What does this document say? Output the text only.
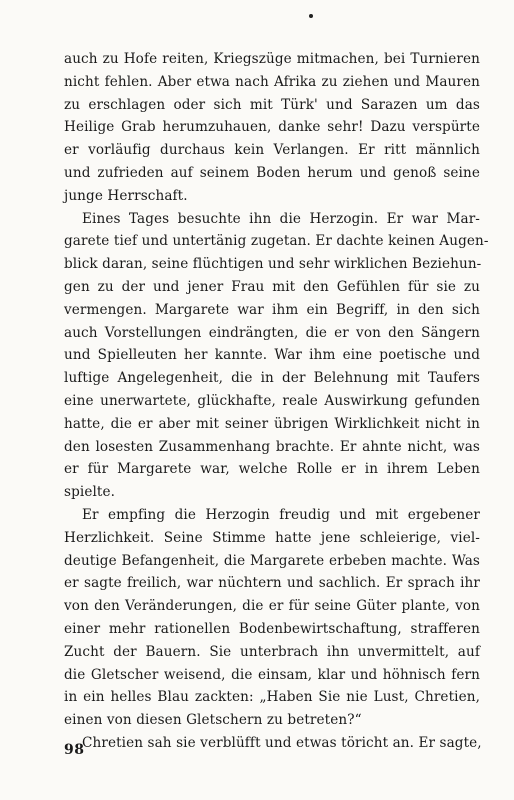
auch zu Hofe reiten, Kriegszüge mitmachen, bei Turnieren
nicht fehlen. Aber etwa nach Afrika zu ziehen und Mauren
zu erschlagen oder sich mit Türk' und Sarazen um das
Heilige Grab herumzuhauen, danke sehr! Dazu verspürte
er vorläufig durchaus kein Verlangen. Er ritt männlich
und zufrieden auf seinem Boden herum und genoß seine
junge Herrschaft.
Eines Tages besuchte ihn die Herzogin. Er war Mar-
garete tief und untertänig zugetan. Er dachte keinen Augen-
blick daran, seine flüchtigen und sehr wirklichen Beziehun-
gen zu der und jener Frau mit den Gefühlen für sie zu
vermengen. Margarete war ihm ein Begriff, in den sich
auch Vorstellungen eindrängten, die er von den Sängern
und Spielleuten her kannte. War ihm eine poetische und
luftige Angelegenheit, die in der Belehnung mit Taufers
eine unerwartete, glückhafte, reale Auswirkung gefunden
hatte, die er aber mit seiner übrigen Wirklichkeit nicht in
den losesten Zusammenhang brachte. Er ahnte nicht, was
er für Margarete war, welche Rolle er in ihrem Leben
spielte.
Er empfing die Herzogin freudig und mit ergebener
Herzlichkeit. Seine Stimme hatte jene schleierige, viel-
deutige Befangenheit, die Margarete erbeben machte. Was
er sagte freilich, war nüchtern und sachlich. Er sprach ihr
von den Veränderungen, die er für seine Güter plante, von
einer mehr rationellen Bodenbewirtschaftung, strafferen
Zucht der Bauern. Sie unterbrach ihn unvermittelt, auf
die Gletscher weisend, die einsam, klar und höhnisch fern
in ein helles Blau zackten: „Haben Sie nie Lust, Chretien,
einen von diesen Gletschern zu betreten?“
Chretien sah sie verblüfft und etwas töricht an. Er sagte,
98
